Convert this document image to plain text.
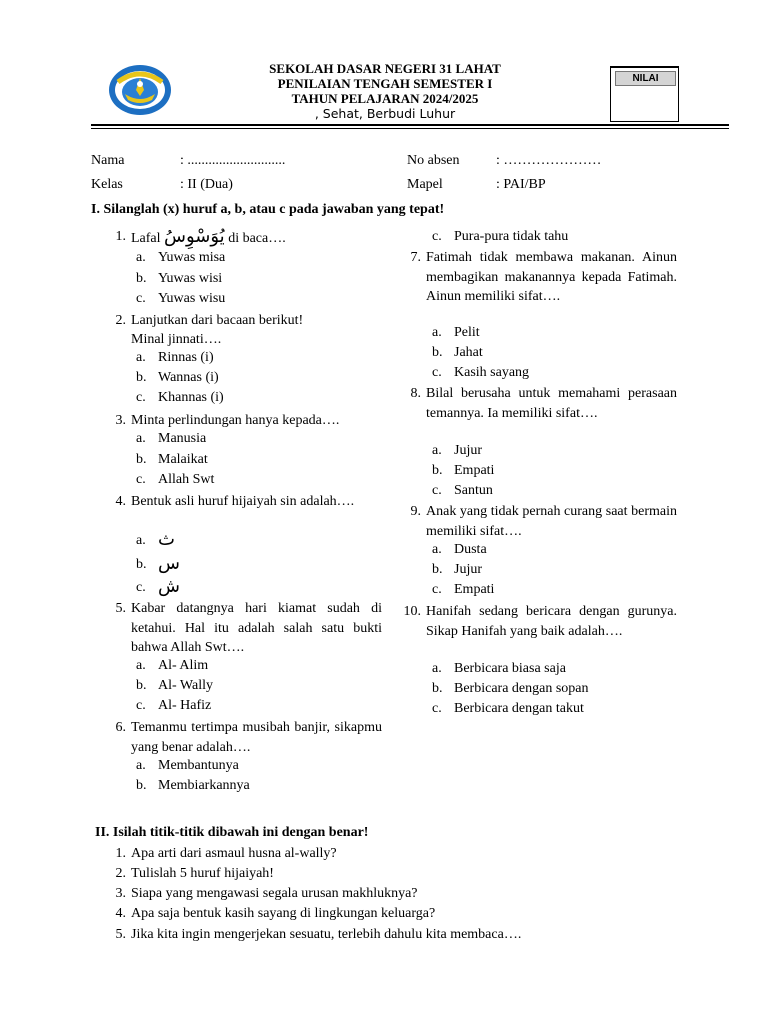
SEKOLAH DASAR NEGERI 31 LAHAT
PENILAIAN TENGAH SEMESTER I
TAHUN PELAJARAN 2024/2025
, Sehat, Berbudi Luhur
NILAI
Nama	: ............................	No absen	: …………………
Kelas	: II (Dua)	Mapel	: PAI/BP
I. Silanglah (x) huruf a, b, atau c pada jawaban yang tepat!
1. Lafal يُوَسْوِسُ di baca….
a. Yuwas misa
b. Yuwas wisi
c. Yuwas wisu
2. Lanjutkan dari bacaan berikut!
Minal jinnati….
a. Rinnas (i)
b. Wannas (i)
c. Khannas (i)
3. Minta perlindungan hanya kepada….
a. Manusia
b. Malaikat
c. Allah Swt
4. Bentuk asli huruf hijaiyah sin adalah….
a. ث
b. س
c. ش
5. Kabar datangnya hari kiamat sudah di ketahui. Hal itu adalah salah satu bukti bahwa Allah Swt….
a. Al- Alim
b. Al- Wally
c. Al- Hafiz
6. Temanmu tertimpa musibah banjir, sikapmu yang benar adalah….
a. Membantunya
b. Membiarkannya
c. Pura-pura tidak tahu
7. Fatimah tidak membawa makanan. Ainun membagikan makanannya kepada Fatimah. Ainun memiliki sifat….
a. Pelit
b. Jahat
c. Kasih sayang
8. Bilal berusaha untuk memahami perasaan temannya. Ia memiliki sifat….
a. Jujur
b. Empati
c. Santun
9. Anak yang tidak pernah curang saat bermain memiliki sifat….
a. Dusta
b. Jujur
c. Empati
10. Hanifah sedang bericara dengan gurunya. Sikap Hanifah yang baik adalah….
a. Berbicara biasa saja
b. Berbicara dengan sopan
c. Berbicara dengan takut
II. Isilah titik-titik dibawah ini dengan benar!
1. Apa arti dari asmaul husna al-wally?
2. Tulislah 5 huruf hijaiyah!
3. Siapa yang mengawasi segala urusan makhluknya?
4. Apa saja bentuk kasih sayang di lingkungan keluarga?
5. Jika kita ingin mengerjekan sesuatu, terlebih dahulu kita membaca….
